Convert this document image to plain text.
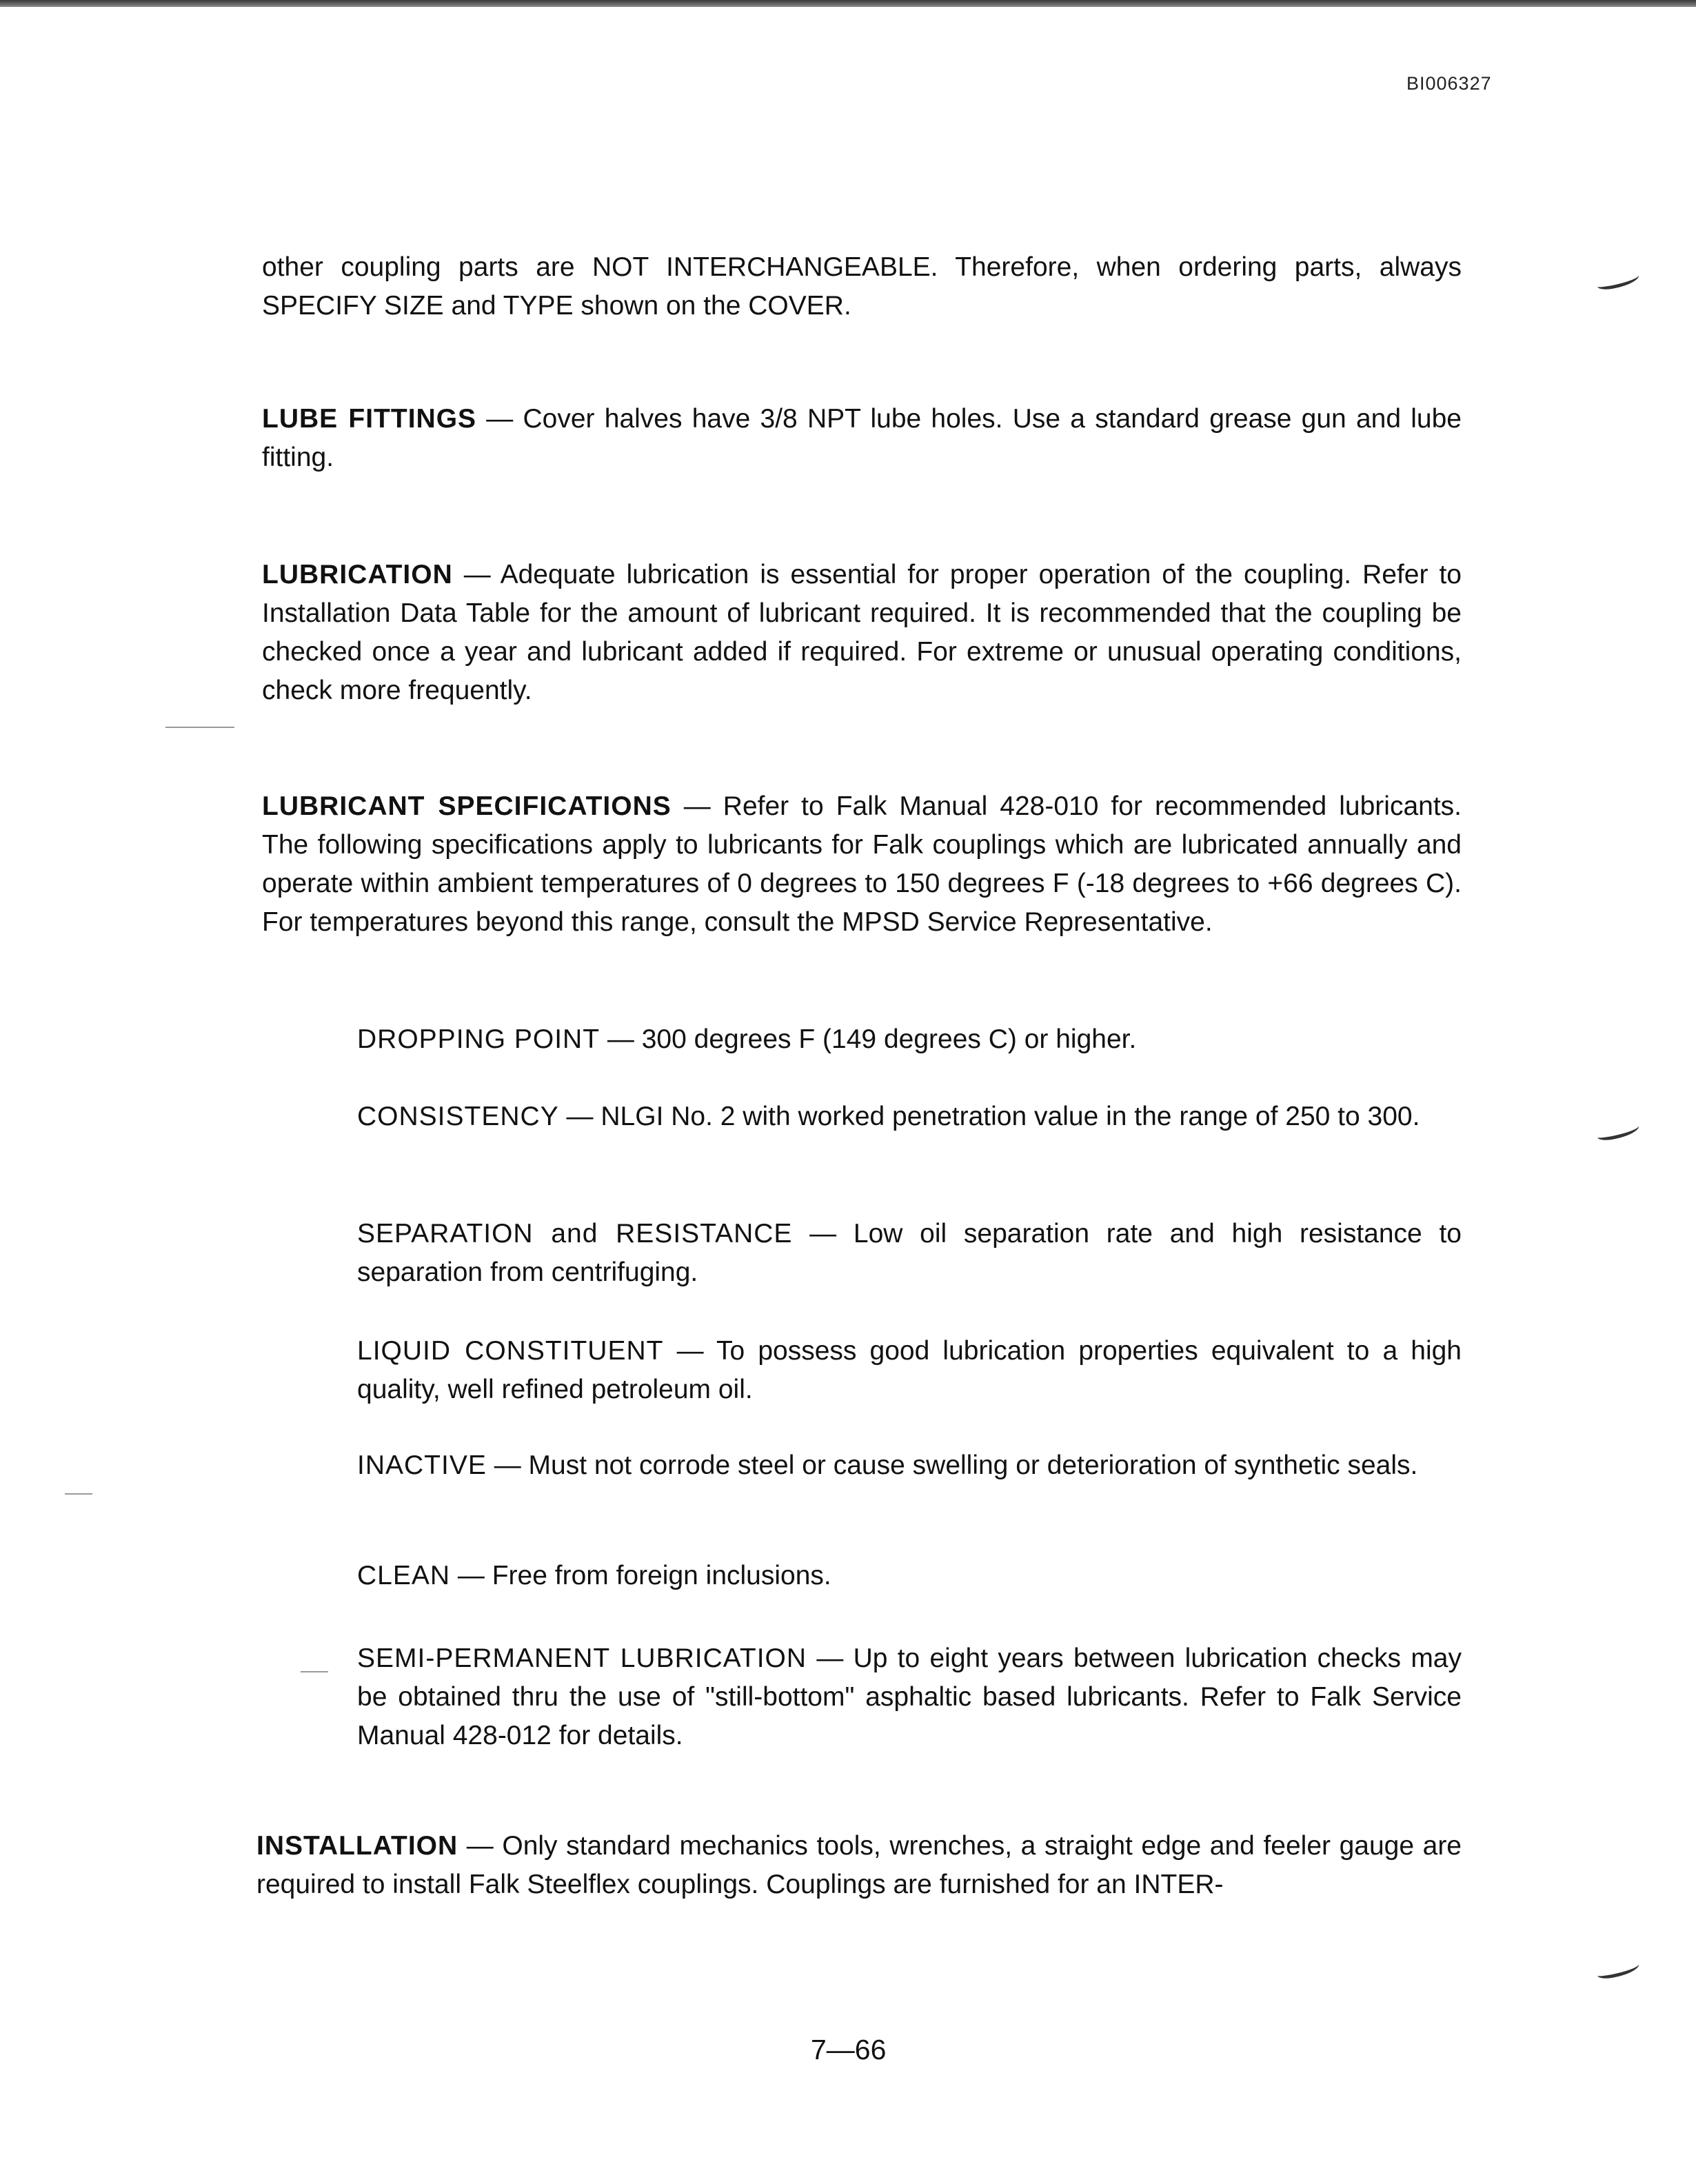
BI006327

other coupling parts are NOT INTERCHANGEABLE. Therefore, when ordering parts, always SPECIFY SIZE and TYPE shown on the COVER.

LUBE FITTINGS — Cover halves have 3/8 NPT lube holes. Use a standard grease gun and lube fitting.

LUBRICATION — Adequate lubrication is essential for proper operation of the coupling. Refer to Installation Data Table for the amount of lubricant required. It is recommended that the coupling be checked once a year and lubricant added if required. For extreme or unusual operating conditions, check more frequently.

LUBRICANT SPECIFICATIONS — Refer to Falk Manual 428-010 for recommended lubricants. The following specifications apply to lubricants for Falk couplings which are lubricated annually and operate within ambient temperatures of 0 degrees to 150 degrees F (-18 degrees to +66 degrees C). For temperatures beyond this range, consult the MPSD Service Representative.

DROPPING POINT — 300 degrees F (149 degrees C) or higher.

CONSISTENCY — NLGI No. 2 with worked penetration value in the range of 250 to 300.

SEPARATION and RESISTANCE — Low oil separation rate and high resistance to separation from centrifuging.

LIQUID CONSTITUENT — To possess good lubrication properties equivalent to a high quality, well refined petroleum oil.

INACTIVE — Must not corrode steel or cause swelling or deterioration of synthetic seals.

CLEAN — Free from foreign inclusions.

SEMI-PERMANENT LUBRICATION — Up to eight years between lubrication checks may be obtained thru the use of "still-bottom" asphaltic based lubricants. Refer to Falk Service Manual 428-012 for details.

INSTALLATION — Only standard mechanics tools, wrenches, a straight edge and feeler gauge are required to install Falk Steelflex couplings. Couplings are furnished for an INTER-

7—66
